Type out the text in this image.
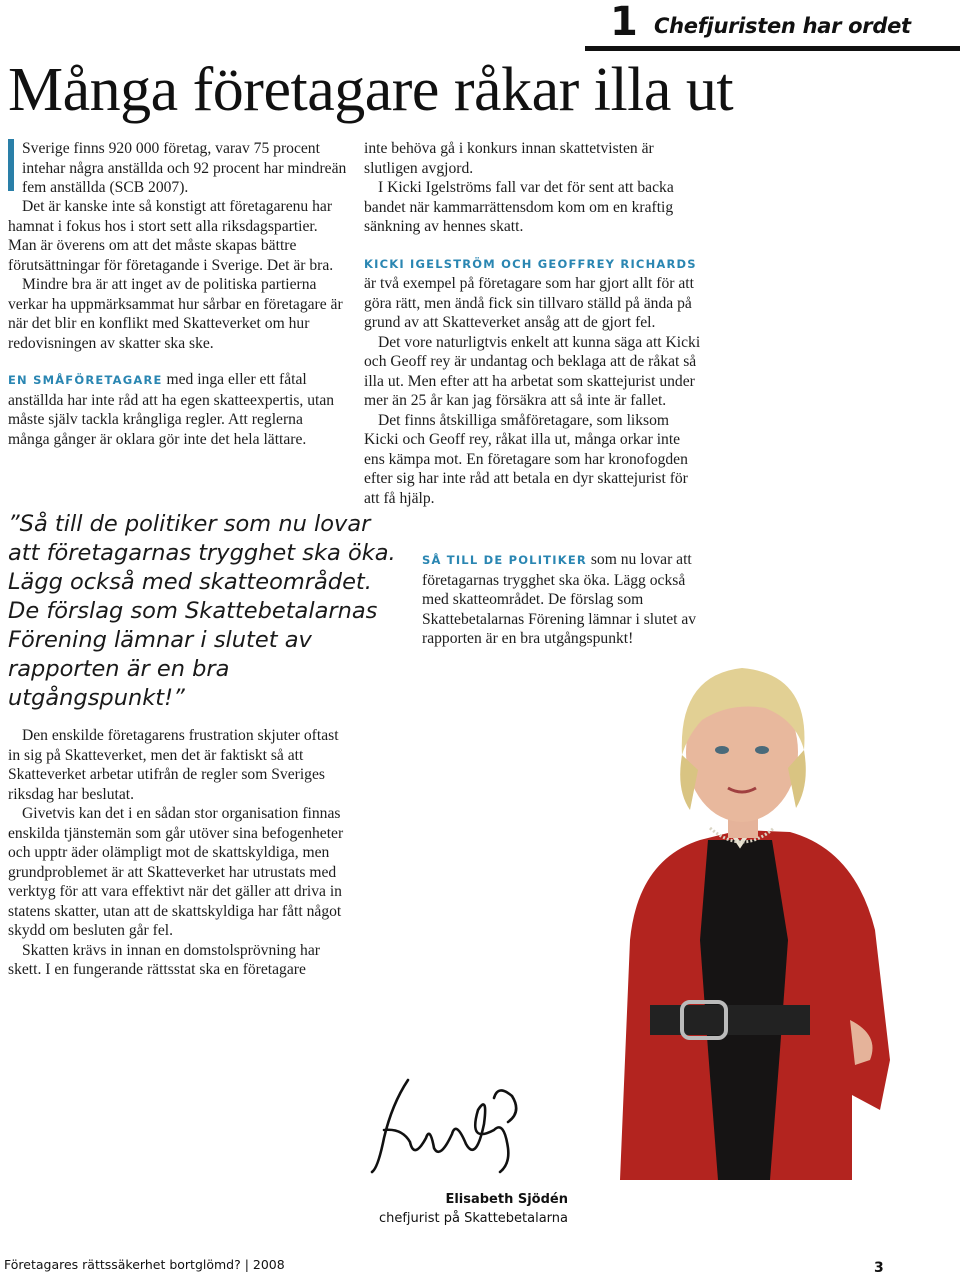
1 Chefjuristen har ordet
Många företagare råkar illa ut

Sverige finns 920 000 företag, varav 75 procent intehar några anställda och 92 procent har mindreän fem anställda (SCB 2007).

Det är kanske inte så konstigt att företagarenu har hamnat i fokus hos i stort sett alla riksdagspartier. Man är överens om att det måste skapas bättre förutsättningar för företagande i Sverige. Det är bra.

Mindre bra är att inget av de politiska partierna verkar ha uppmärksammat hur sårbar en företagare är när det blir en konflikt med Skatteverket om hur redovisningen av skatter ska ske.

EN SMÅFÖRETAGARE med inga eller ett fåtal anställda har inte råd att ha egen skatteexpertis, utan måste själv tackla krångliga regler. Att reglerna många gånger är oklara gör inte det hela lättare.

”Så till de politiker som nu lovar att företagarnas trygghet ska öka. Lägg också med skatteområdet. De förslag som Skattebetalarnas Förening lämnar i slutet av rapporten är en bra utgångspunkt!”

inte behöva gå i konkurs innan skattetvisten är slutligen avgjord.

I Kicki Igelströms fall var det för sent att backa bandet när kammarrättensdom kom om en kraftig sänkning av hennes skatt.

KICKI IGELSTRÖM OCH GEOFFREY RICHARDS är två exempel på företagare som har gjort allt för att göra rätt, men ändå fick sin tillvaro ställd på ända på grund av att Skatteverket ansåg att de gjort fel.

Det vore naturligtvis enkelt att kunna säga att Kicki och Geoff rey är undantag och beklaga att de råkat så illa ut. Men efter att ha arbetat som skattejurist under mer än 25 år kan jag försäkra att så inte är fallet.

Det finns åtskilliga småföretagare, som liksom Kicki och Geoff rey, råkat illa ut, många orkar inte ens kämpa mot. En företagare som har kronofogden efter sig har inte råd att betala en dyr skattejurist för att få hjälp.

SÅ TILL DE POLITIKER som nu lovar att företagarnas trygghet ska öka. Lägg också med skatteområdet. De förslag som Skattebetalarnas Förening lämnar i slutet av rapporten är en bra utgångspunkt!

Den enskilde företagarens frustration skjuter oftast in sig på Skatteverket, men det är faktiskt så att Skatteverket arbetar utifrån de regler som Sveriges riksdag har beslutat.

Givetvis kan det i en sådan stor organisation finnas enskilda tjänstemän som går utöver sina befogenheter och upptr äder olämpligt mot de skattskyldiga, men grundproblemet är att Skatteverket har utrustats med verktyg för att vara effektivt när det gäller att driva in statens skatter, utan att de skattskyldiga har fått något skydd om besluten går fel.

Skatten krävs in innan en domstolsprövning har skett. I en fungerande rättsstat ska en företagare

Elisabeth Sjödén
chefjurist på Skattebetalarna
Företagares rättssäkerhet bortglömd? | 2008	3
